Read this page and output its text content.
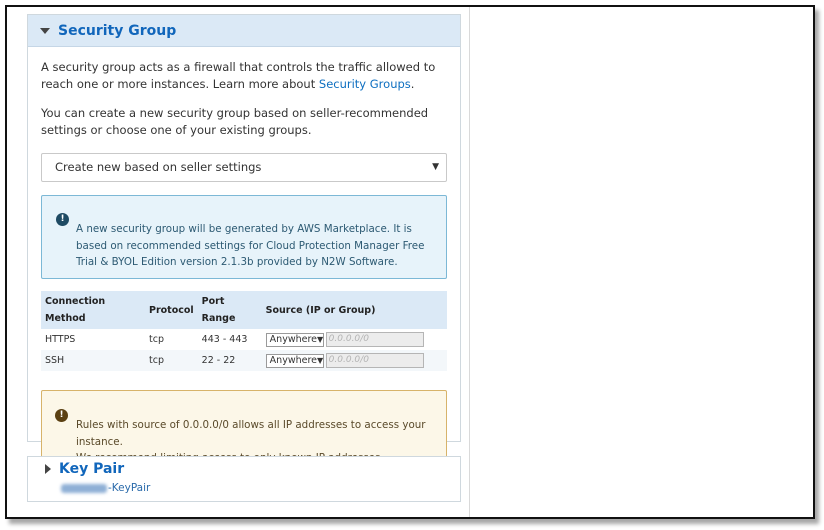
Security Group

A security group acts as a firewall that controls the traffic allowed to reach one or more instances. Learn more about Security Groups.

You can create a new security group based on seller-recommended settings or choose one of your existing groups.

Create new based on seller settings	▼
!
A new security group will be generated by AWS Marketplace. It is based on recommended settings for Cloud Protection Manager Free Trial & BYOL Edition version 2.1.3b provided by N2W Software.
Connection Method	Protocol	Port Range	Source (IP or Group)
HTTPS	tcp	443 - 443	Anywhere ▼ 0.0.0.0/0
SSH	tcp	22 - 22	Anywhere ▼ 0.0.0.0/0
!
Rules with source of 0.0.0.0/0 allows all IP addresses to access your instance.
Key Pair
-KeyPair
